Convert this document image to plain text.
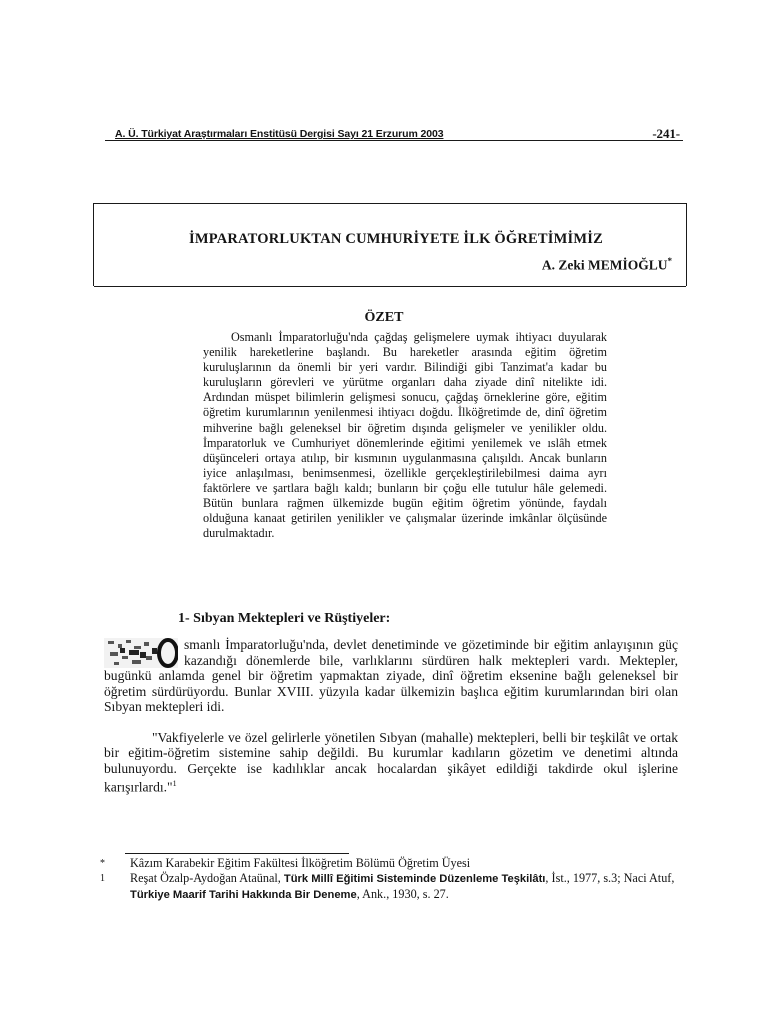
A. Ü. Türkiyat Araştırmaları Enstitüsü Dergisi Sayı 21 Erzurum 2003	-241-
İMPARATORLUKTAN CUMHURİYETE İLK ÖĞRETİMİMİZ
A. Zeki MEMİOĞLU*
ÖZET
Osmanlı İmparatorluğu'nda çağdaş gelişmelere uymak ihtiyacı duyularak yenilik hareketlerine başlandı. Bu hareketler arasında eğitim öğretim kuruluşlarının da önemli bir yeri vardır. Bilindiği gibi Tanzimat'a kadar bu kuruluşların görevleri ve yürütme organları daha ziyade dinî nitelikte idi. Ardından müspet bilimlerin gelişmesi sonucu, çağdaş örneklerine göre, eğitim öğretim kurumlarının yenilenmesi ihtiyacı doğdu. İlköğretimde de, dinî öğretim mihverine bağlı geleneksel bir öğretim dışında gelişmeler ve yenilikler oldu. İmparatorluk ve Cumhuriyet dönemlerinde eğitimi yenilemek ve ıslâh etmek düşünceleri ortaya atılıp, bir kısmının uygulanmasına çalışıldı. Ancak bunların iyice anlaşılması, benimsenmesi, özellikle gerçekleştirilebilmesi daima ayrı faktörlere ve şartlara bağlı kaldı; bunların bir çoğu elle tutulur hâle gelemedi. Bütün bunlara rağmen ülkemizde bugün eğitim öğretim yönünde, faydalı olduğuna kanaat getirilen yenilikler ve çalışmalar üzerinde imkânlar ölçüsünde durulmaktadır.
1- Sıbyan Mektepleri ve Rüştiyeler:
smanlı İmparatorluğu'nda, devlet denetiminde ve gözetiminde bir eğitim anlayışının güç kazandığı dönemlerde bile, varlıklarını sürdüren halk mektepleri vardı. Mektepler, bugünkü anlamda genel bir öğretim yapmaktan ziyade, dinî öğretim eksenine bağlı geleneksel bir öğretim sürdürüyordu. Bunlar XVIII. yüzyıla kadar ülkemizin başlıca eğitim kurumlarından biri olan Sıbyan mektepleri idi.

"Vakfiyelerle ve özel gelirlerle yönetilen Sıbyan (mahalle) mektepleri, belli bir teşkilât ve ortak bir eğitim-öğretim sistemine sahip değildi. Bu kurumlar kadıların gözetim ve denetimi altında bulunuyordu. Gerçekte ise kadılıklar ancak hocalardan şikâyet edildiği takdirde okul işlerine karışırlardı."$^1$

* Kâzım Karabekir Eğitim Fakültesi İlköğretim Bölümü Öğretim Üyesi
1 Reşat Özalp-Aydoğan Ataünal, Türk Millî Eğitimi Sisteminde Düzenleme Teşkilâtı, İst., 1977, s.3; Naci Atuf, Türkiye Maarif Tarihi Hakkında Bir Deneme, Ank., 1930, s. 27.
